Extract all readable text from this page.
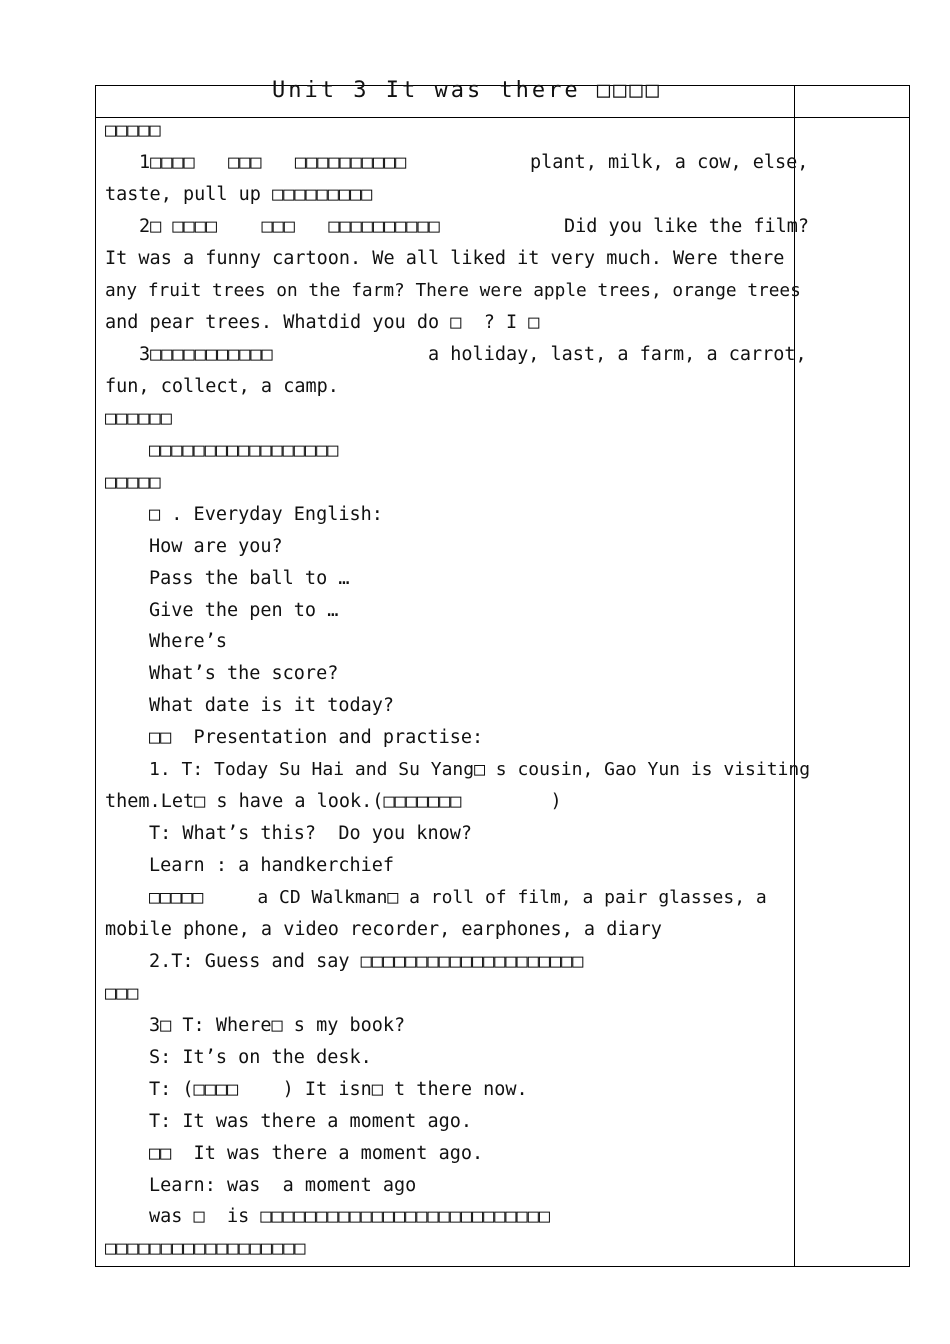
Unit 3 It was there □□□□
□□□□□
1□□□□   □□□   □□□□□□□□□□	plant, milk, a cow, else,
taste, pull up □□□□□□□□□
2□ □□□□    □□□   □□□□□□□□□□	Did you like the film?
It was a funny cartoon. We all liked it very much. Were there
any fruit trees on the farm? There were apple trees, orange trees
and pear trees. Whatdid you do □  ? I □
3□□□□□□□□□□□	a holiday, last, a farm, a carrot,
fun, collect, a camp.
□□□□□□
□□□□□□□□□□□□□□□□□
□□□□□
□ . Everyday English:
How are you?
Pass the ball to …
Give the pen to …
Where’s
What’s the score?
What date is it today?
□□  Presentation and practise:
1. T: Today Su Hai and Su Yang□ s cousin, Gao Yun is visiting
them.Let□ s have a look.(□□□□□□□        )
T: What’s this?  Do you know?
Learn : a handkerchief
□□□□□     a CD Walkman□ a roll of film, a pair glasses, a
mobile phone, a video recorder, earphones, a diary
2.T: Guess and say □□□□□□□□□□□□□□□□□□□□
□□□
3□ T: Where□ s my book?
S: It’s on the desk.
T: (□□□□    ) It isn□ t there now.
T: It was there a moment ago.
□□  It was there a moment ago.
Learn: was  a moment ago
was □  is □□□□□□□□□□□□□□□□□□□□□□□□□□
□□□□□□□□□□□□□□□□□□
